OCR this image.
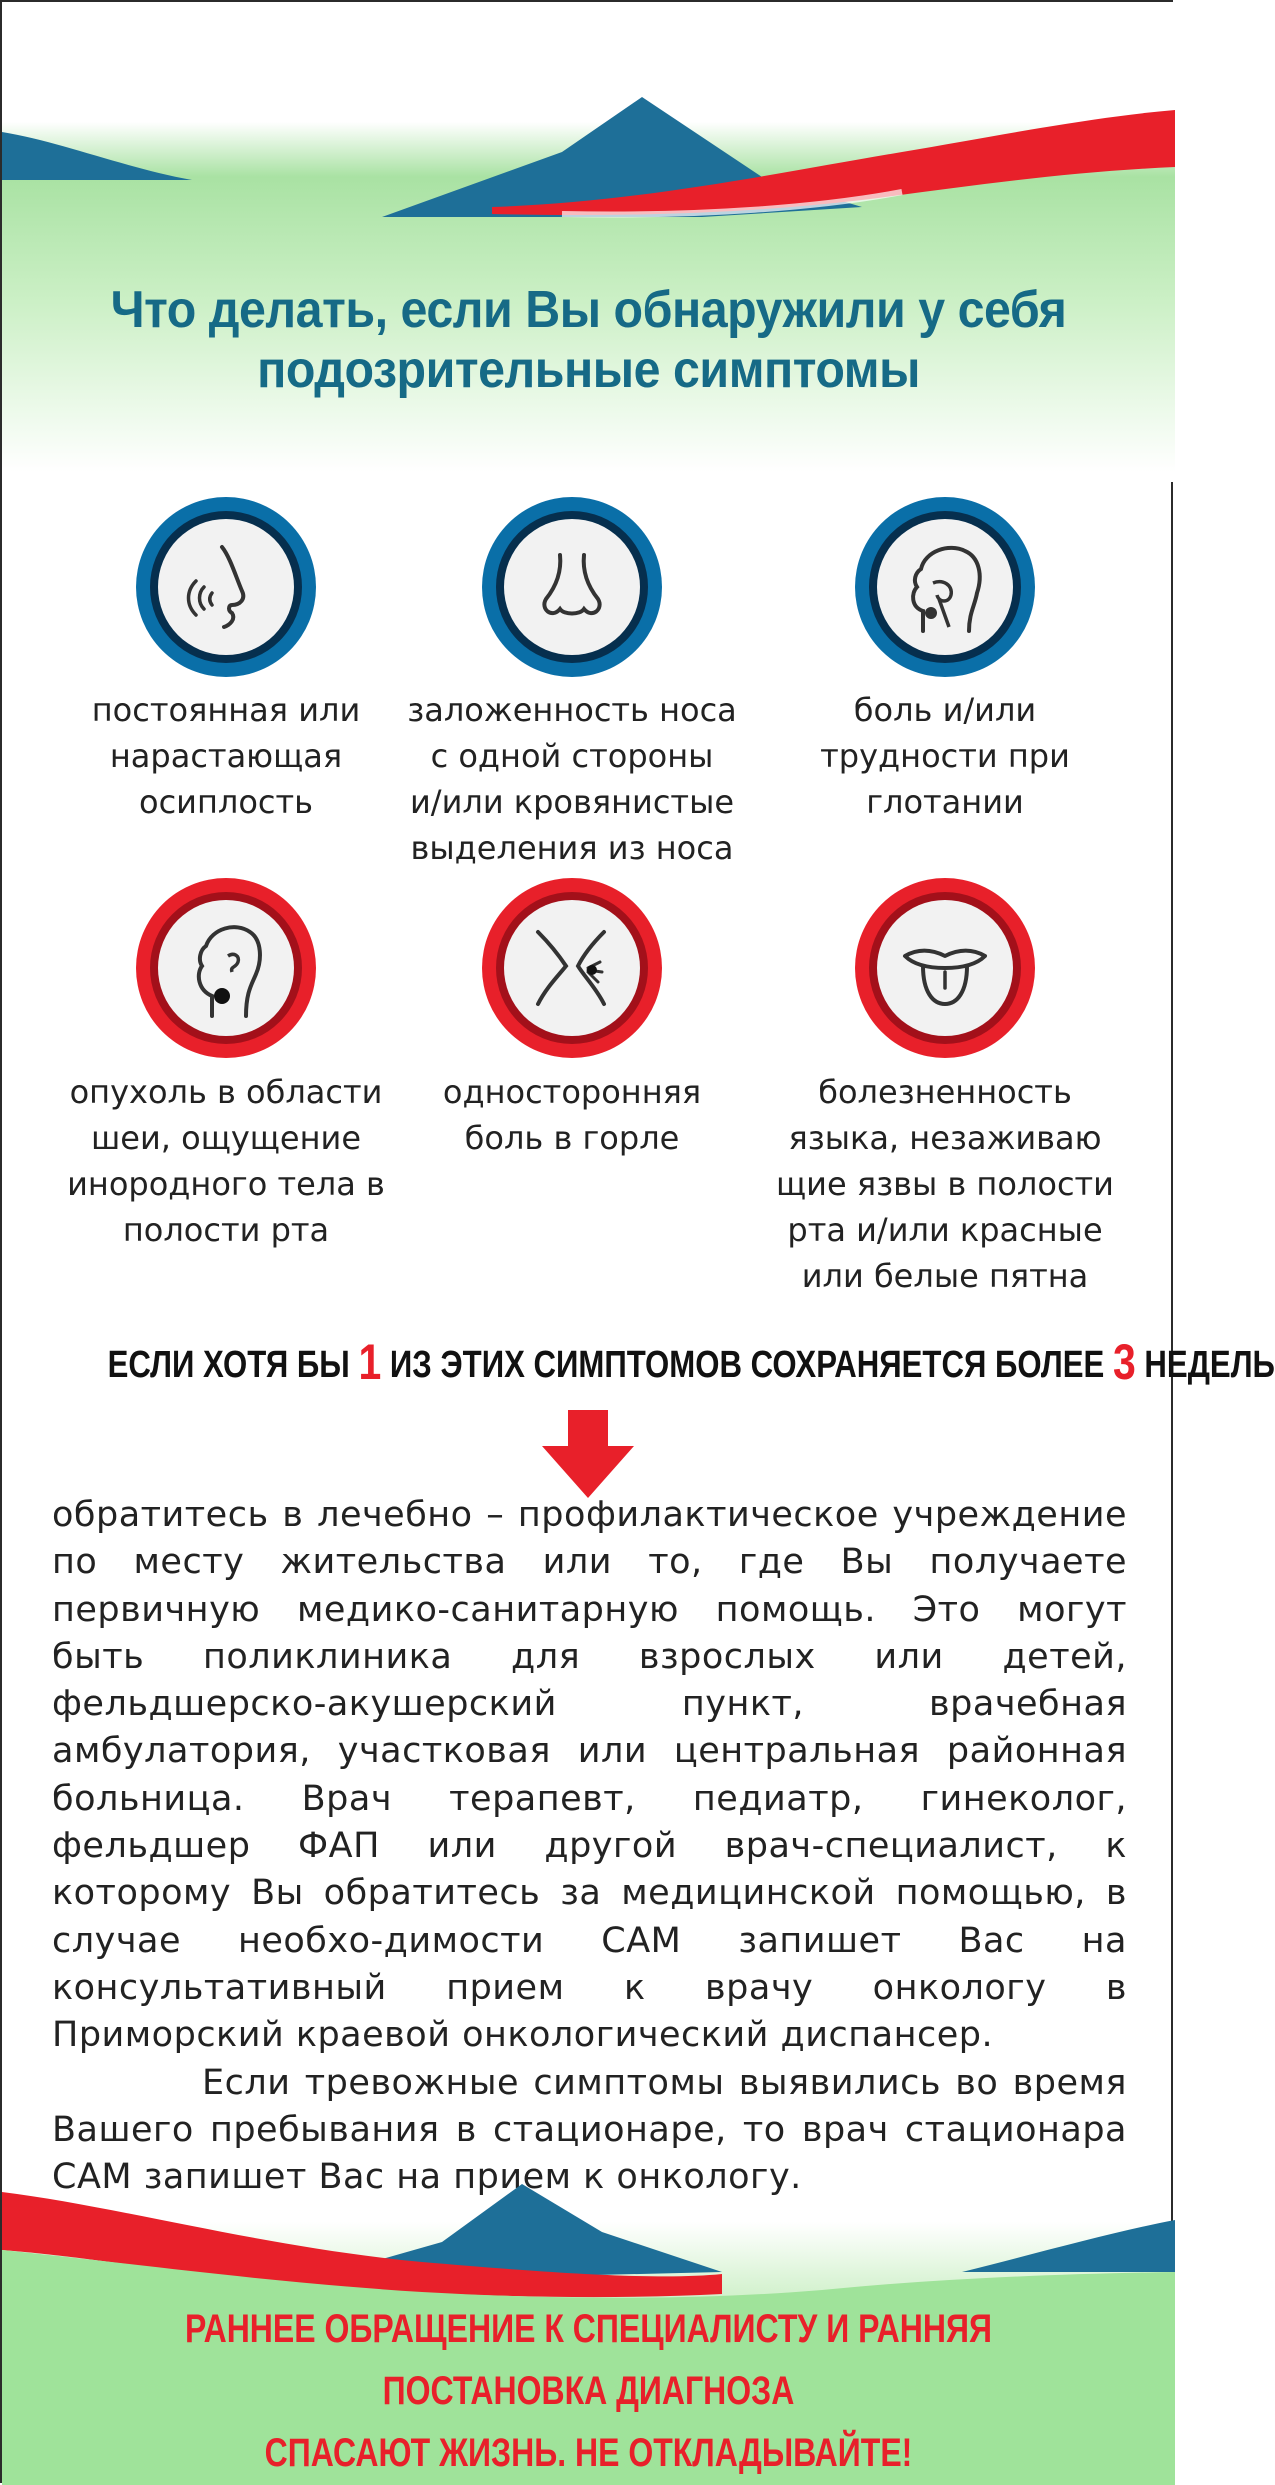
Что делать, если Вы обнаружили у себя
подозрительные симптомы
постоянная или
нарастающая
осиплость
заложенность носа
с одной стороны
и/или кровянистые
выделения из носа
боль и/или
трудности при
глотании
опухоль в области
шеи, ощущение
инородного тела в
полости рта
односторонняя
боль в горле
болезненность
языка, незаживаю
щие язвы в полости
рта и/или красные
или белые пятна
ЕСЛИ ХОТЯ БЫ 1 ИЗ ЭТИХ СИМПТОМОВ СОХРАНЯЕТСЯ БОЛЕЕ 3 НЕДЕЛЬ

обратитесь в лечебно – профилактическое учреждение по месту жительства или то, где Вы получаете первичную медико-санитарную помощь. Это могут быть поликлиника для взрослых или детей, фельдшерско-акушерский пункт, врачебная амбулатория, участковая или центральная районная больница. Врач терапевт, педиатр, гинеколог, фельдшер ФАП или другой врач-специалист, к которому Вы обратитесь за медицинской помощью, в случае необхо-димости САМ запишет Вас на консультативный прием к врачу онкологу в Приморский краевой онкологический диспансер.

Если тревожные симптомы выявились во время Вашего пребывания в стационаре, то врач стационара САМ запишет Вас на прием к онкологу.

РАННЕЕ ОБРАЩЕНИЕ К СПЕЦИАЛИСТУ И РАННЯЯ ПОСТАНОВКА ДИАГНОЗА
СПАСАЮТ ЖИЗНЬ. НЕ ОТКЛАДЫВАЙТЕ!
